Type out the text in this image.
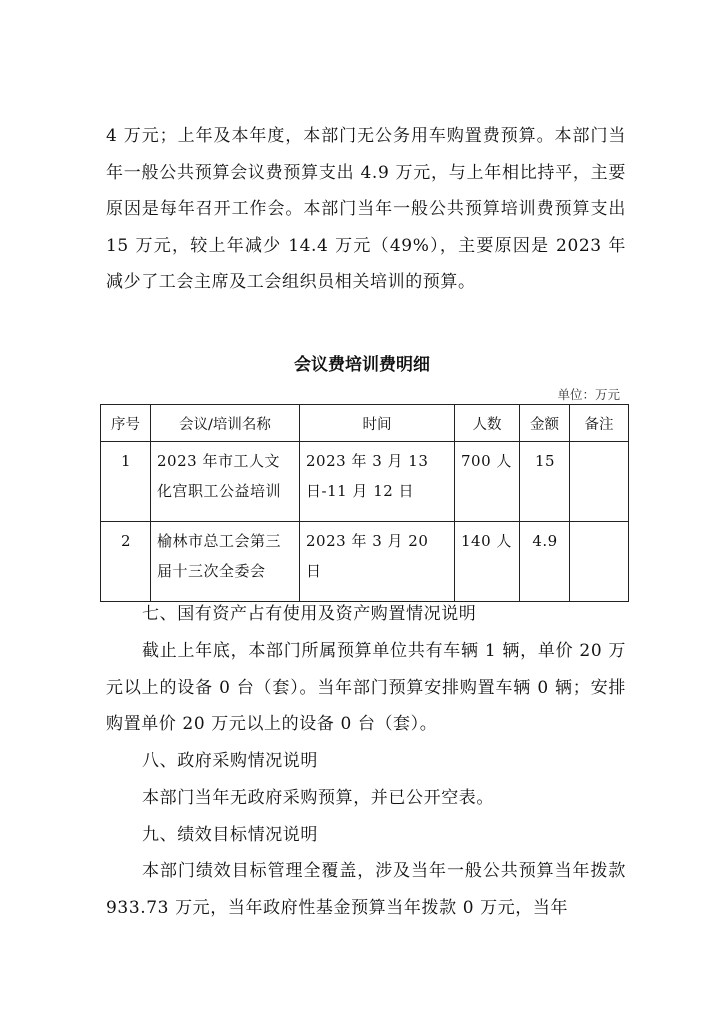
4 万元；上年及本年度，本部门无公务用车购置费预算。本部门当年一般公共预算会议费预算支出 4.9 万元，与上年相比持平，主要原因是每年召开工作会。本部门当年一般公共预算培训费预算支出 15 万元，较上年减少 14.4 万元（49%），主要原因是 2023 年减少了工会主席及工会组织员相关培训的预算。

会议费培训费明细

单位：万元
序号	会议/培训名称	时间	人数	金额	备注
1	2023 年市工人文化宫职工公益培训	2023 年 3 月 13 日-11 月 12 日	700 人	15	
2	榆林市总工会第三届十三次全委会	2023 年 3 月 20 日	140 人	4.9	

七、国有资产占有使用及资产购置情况说明

截止上年底，本部门所属预算单位共有车辆 1 辆，单价 20 万元以上的设备 0 台（套）。当年部门预算安排购置车辆 0 辆；安排购置单价 20 万元以上的设备 0 台（套）。

八、政府采购情况说明

本部门当年无政府采购预算，并已公开空表。

九、绩效目标情况说明

本部门绩效目标管理全覆盖，涉及当年一般公共预算当年拨款 933.73 万元，当年政府性基金预算当年拨款 0 万元，当年
